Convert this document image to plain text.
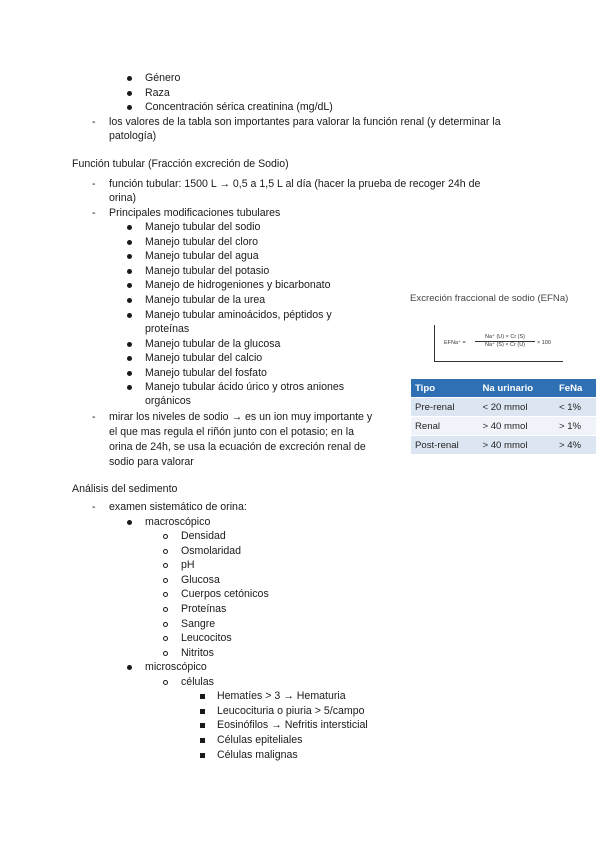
Género
Raza
Concentración sérica creatinina (mg/dL)
- los valores de la tabla son importantes para valorar la función renal (y determinar la
patología)
Función tubular (Fracción excreción de Sodio)
- función tubular: 1500 L → 0,5 a 1,5 L al día (hacer la prueba de recoger 24h de
orina)
- Principales modificaciones tubulares
Manejo tubular del sodio
Manejo tubular del cloro
Manejo tubular del agua
Manejo tubular del potasio
Manejo de hidrogeniones y bicarbonato
Manejo tubular de la urea
Manejo tubular aminoácidos, péptidos y
proteínas
Manejo tubular de la glucosa
Manejo tubular del calcio
Manejo tubular del fosfato
Manejo tubular ácido úrico y otros aniones
orgánicos
- mirar los niveles de sodio → es un ion muy importante y
el que mas regula el riñón junto con el potasio; en la
orina de 24h, se usa la ecuación de excreción renal de
sodio para valorar
Excreción fraccional de sodio (EFNa)
EFNa⁺ = $\frac{Na^+ (U) \times Cr (S)}{Na^+ (S) \times Cr (U)} \times 100$
Tipo	Na urinario	FeNa
Pre-renal	< 20 mmol	< 1%
Renal	> 40 mmol	> 1%
Post-renal	> 40 mmol	> 4%
Análisis del sedimento
- examen sistemático de orina:
macroscópico
Densidad
Osmolaridad
pH
Glucosa
Cuerpos cetónicos
Proteínas
Sangre
Leucocitos
Nitritos
microscópico
células
Hematíes > 3 → Hematuria
Leucocituria o piuria > 5/campo
Eosinófilos → Nefritis intersticial
Células epiteliales
Células malignas
